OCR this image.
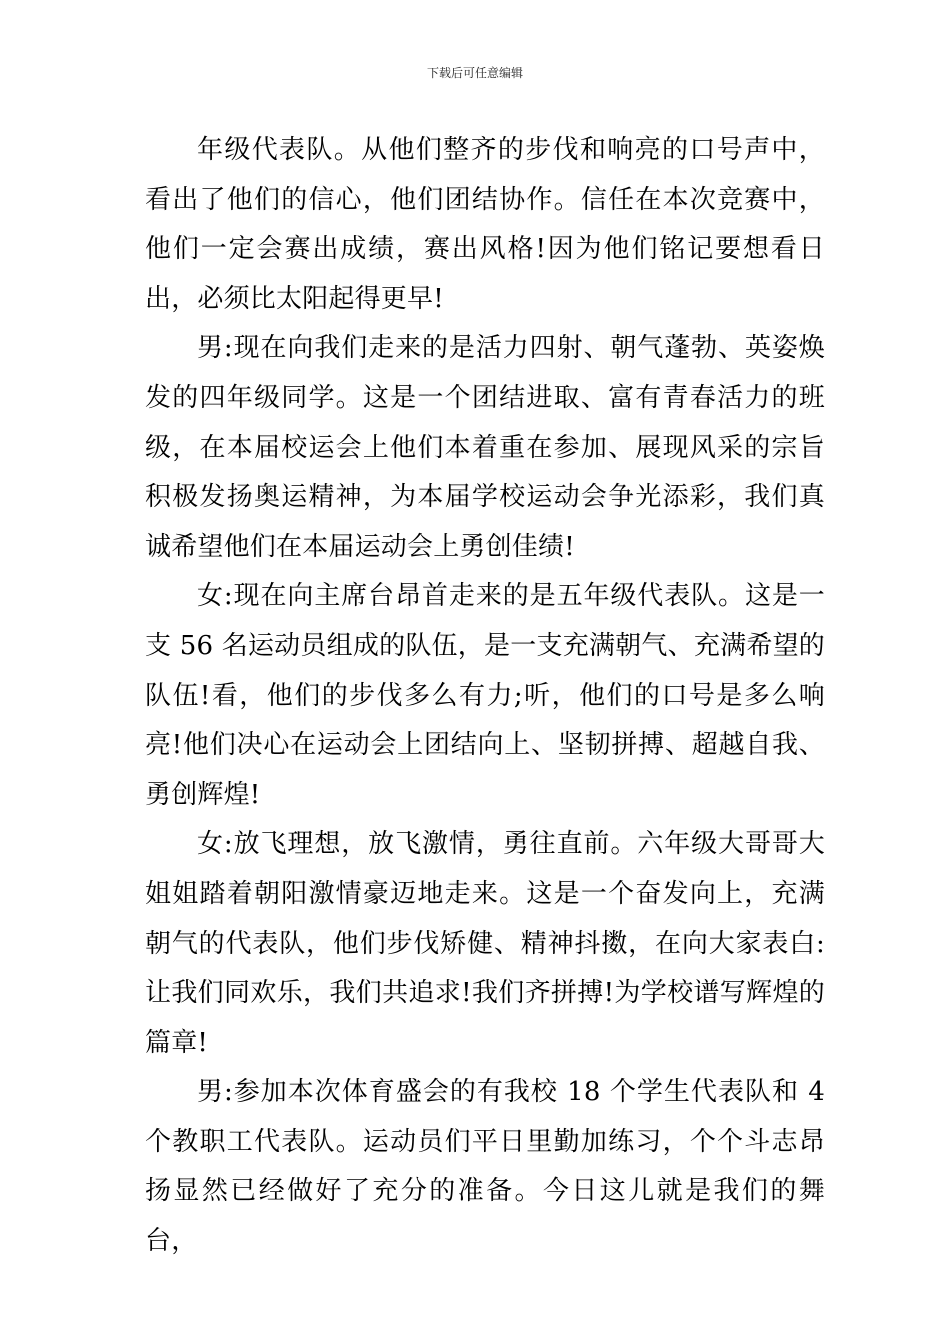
下载后可任意编辑

年级代表队。从他们整齐的步伐和响亮的口号声中，看出了他们的信心，他们团结协作。信任在本次竞赛中，他们一定会赛出成绩，赛出风格!因为他们铭记要想看日出，必须比太阳起得更早!

男:现在向我们走来的是活力四射、朝气蓬勃、英姿焕发的四年级同学。这是一个团结进取、富有青春活力的班级，在本届校运会上他们本着重在参加、展现风采的宗旨积极发扬奥运精神，为本届学校运动会争光添彩，我们真诚希望他们在本届运动会上勇创佳绩!

女:现在向主席台昂首走来的是五年级代表队。这是一支 56 名运动员组成的队伍，是一支充满朝气、充满希望的队伍!看，他们的步伐多么有力;听，他们的口号是多么响亮!他们决心在运动会上团结向上、坚韧拼搏、超越自我、勇创辉煌!

女:放飞理想，放飞激情，勇往直前。六年级大哥哥大姐姐踏着朝阳激情豪迈地走来。这是一个奋发向上，充满朝气的代表队，他们步伐矫健、精神抖擞，在向大家表白:让我们同欢乐，我们共追求!我们齐拼搏!为学校谱写辉煌的篇章!

男:参加本次体育盛会的有我校 18 个学生代表队和 4 个教职工代表队。运动员们平日里勤加练习，个个斗志昂扬显然已经做好了充分的准备。今日这儿就是我们的舞台，
